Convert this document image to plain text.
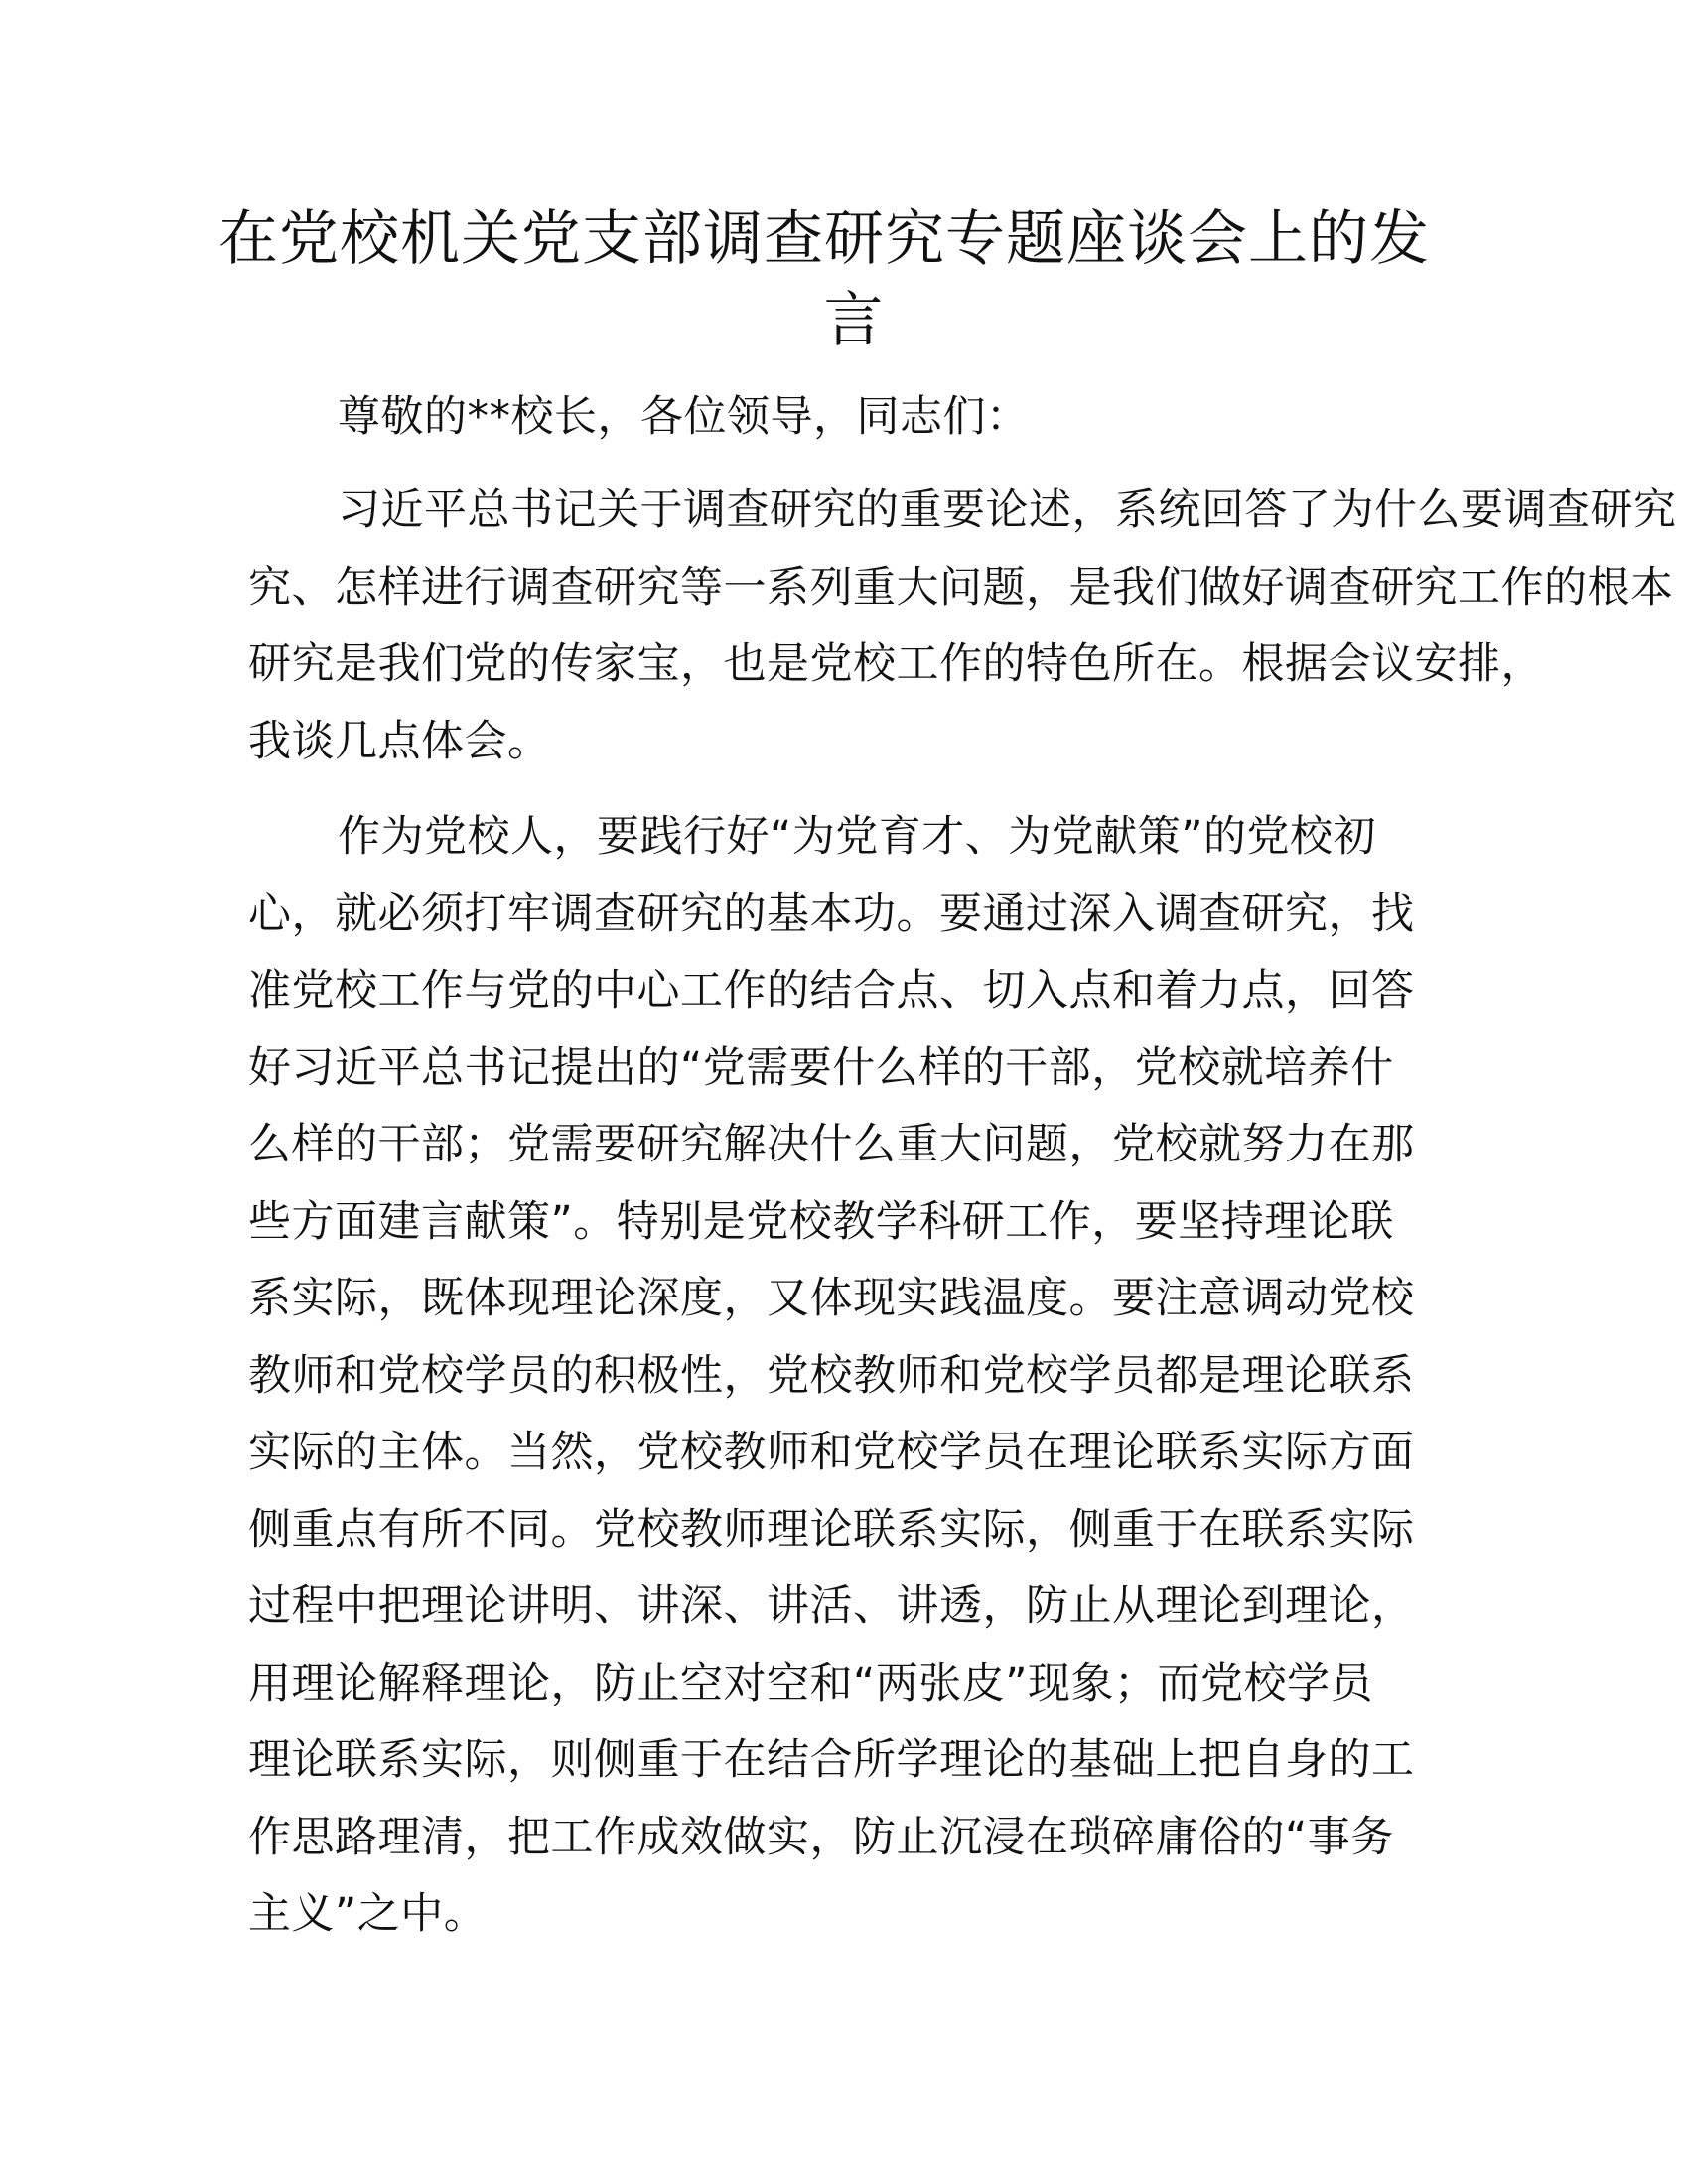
在党校机关党支部调查研究专题座谈会上的发
言
尊敬的**校长，各位领导，同志们：
习近平总书记关于调查研究的重要论述，系统回答了为什么要调查研究
究、怎样进行调查研究等一系列重大问题，是我们做好调查研究工作的根本
研究是我们党的传家宝，也是党校工作的特色所在。根据会议安排，
我谈几点体会。
作为党校人，要践行好“为党育才、为党献策”的党校初
心，就必须打牢调查研究的基本功。要通过深入调查研究，找
准党校工作与党的中心工作的结合点、切入点和着力点，回答
好习近平总书记提出的“党需要什么样的干部，党校就培养什
么样的干部；党需要研究解决什么重大问题，党校就努力在那
些方面建言献策”。特别是党校教学科研工作，要坚持理论联
系实际，既体现理论深度，又体现实践温度。要注意调动党校
教师和党校学员的积极性，党校教师和党校学员都是理论联系
实际的主体。当然，党校教师和党校学员在理论联系实际方面
侧重点有所不同。党校教师理论联系实际，侧重于在联系实际
过程中把理论讲明、讲深、讲活、讲透，防止从理论到理论，
用理论解释理论，防止空对空和“两张皮”现象；而党校学员
理论联系实际，则侧重于在结合所学理论的基础上把自身的工
作思路理清，把工作成效做实，防止沉浸在琐碎庸俗的“事务
主义”之中。
